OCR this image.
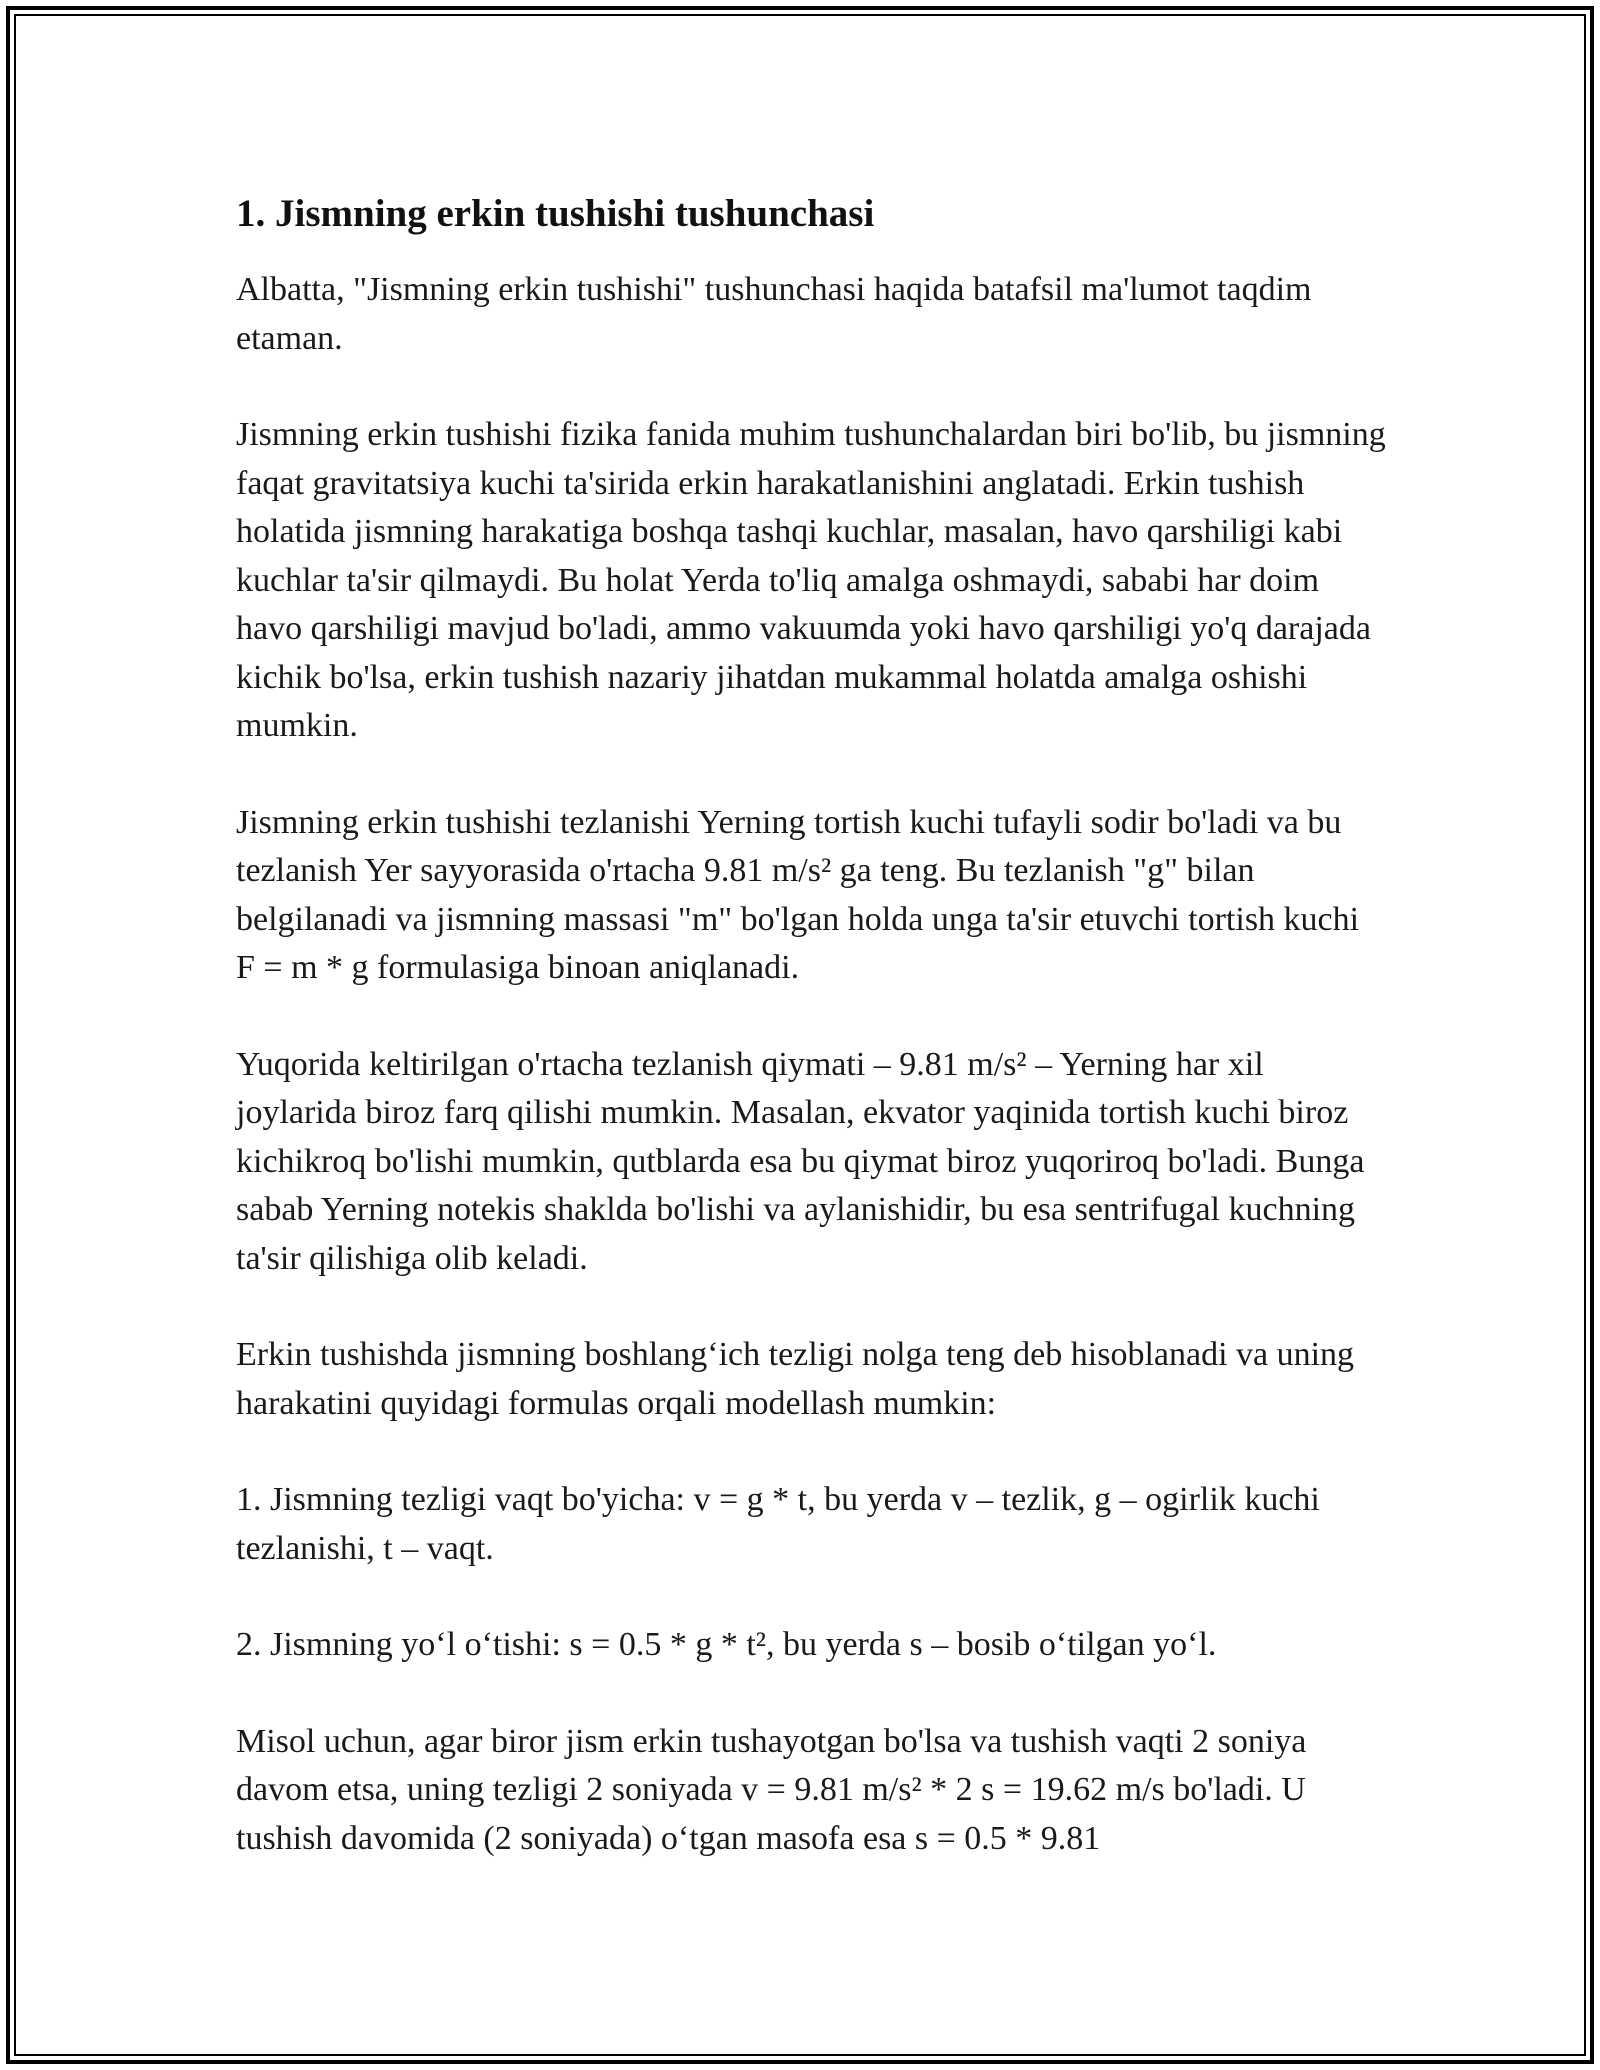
1. Jismning erkin tushishi tushunchasi

Albatta, "Jismning erkin tushishi" tushunchasi haqida batafsil ma'lumot taqdim etaman.

Jismning erkin tushishi fizika fanida muhim tushunchalardan biri bo'lib, bu jismning faqat gravitatsiya kuchi ta'sirida erkin harakatlanishini anglatadi. Erkin tushish holatida jismning harakatiga boshqa tashqi kuchlar, masalan, havo qarshiligi kabi kuchlar ta'sir qilmaydi. Bu holat Yerda to'liq amalga oshmaydi, sababi har doim havo qarshiligi mavjud bo'ladi, ammo vakuumda yoki havo qarshiligi yo'q darajada kichik bo'lsa, erkin tushish nazariy jihatdan mukammal holatda amalga oshishi mumkin.

Jismning erkin tushishi tezlanishi Yerning tortish kuchi tufayli sodir bo'ladi va bu tezlanish Yer sayyorasida o'rtacha 9.81 m/s² ga teng. Bu tezlanish "g" bilan belgilanadi va jismning massasi "m" bo'lgan holda unga ta'sir etuvchi tortish kuchi F = m * g formulasiga binoan aniqlanadi.

Yuqorida keltirilgan o'rtacha tezlanish qiymati – 9.81 m/s² – Yerning har xil joylarida biroz farq qilishi mumkin. Masalan, ekvator yaqinida tortish kuchi biroz kichikroq bo'lishi mumkin, qutblarda esa bu qiymat biroz yuqoriroq bo'ladi. Bunga sabab Yerning notekis shaklda bo'lishi va aylanishidir, bu esa sentrifugal kuchning ta'sir qilishiga olib keladi.

Erkin tushishda jismning boshlang‘ich tezligi nolga teng deb hisoblanadi va uning harakatini quyidagi formulas orqali modellash mumkin:

1. Jismning tezligi vaqt bo'yicha: v = g * t, bu yerda v – tezlik, g – ogirlik kuchi tezlanishi, t – vaqt.

2. Jismning yo‘l o‘tishi: s = 0.5 * g * t², bu yerda s – bosib o‘tilgan yo‘l.

Misol uchun, agar biror jism erkin tushayotgan bo'lsa va tushish vaqti 2 soniya davom etsa, uning tezligi 2 soniyada v = 9.81 m/s² * 2 s = 19.62 m/s bo'ladi. U tushish davomida (2 soniyada) o‘tgan masofa esa s = 0.5 * 9.81
